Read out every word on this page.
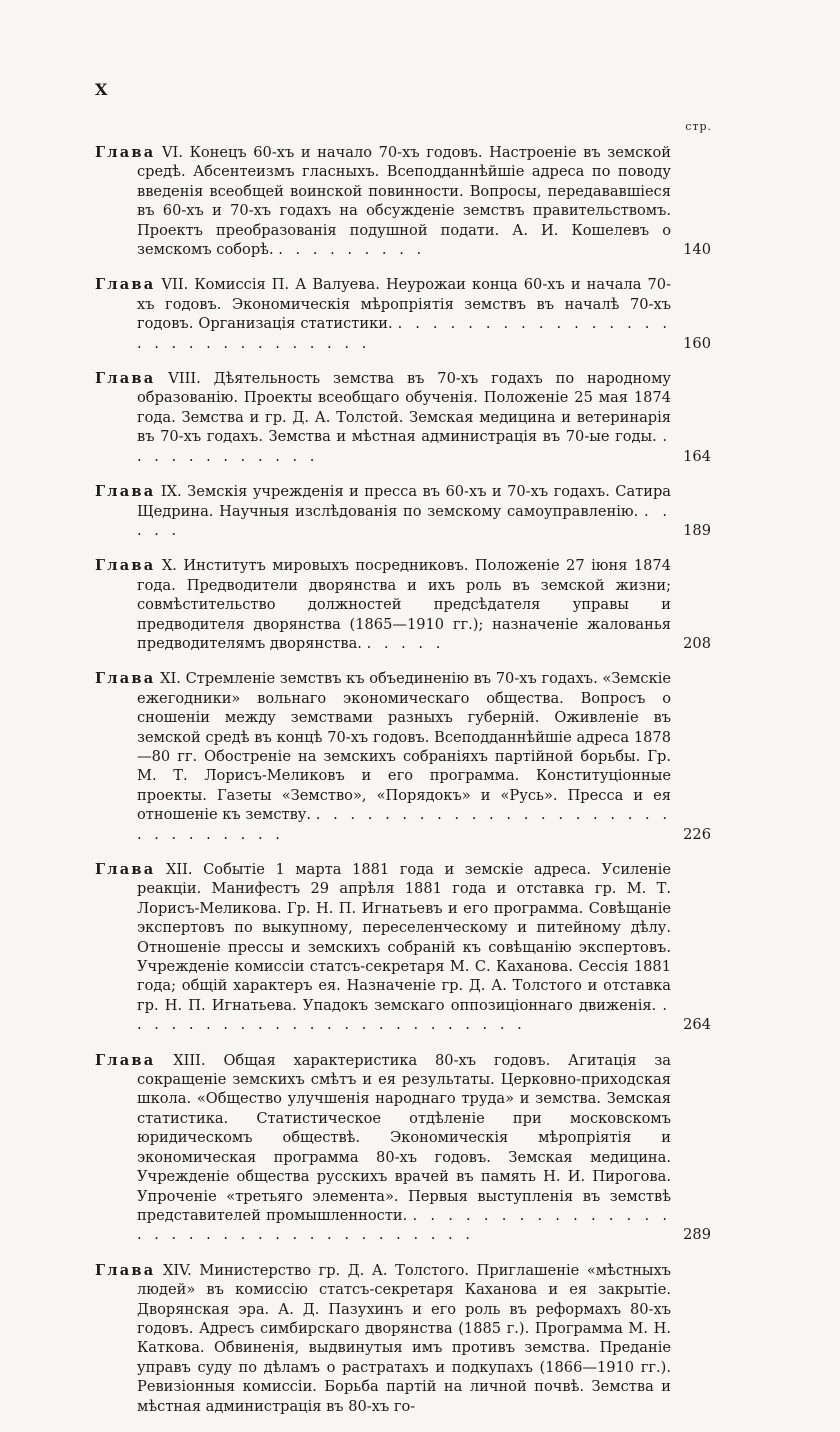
X
стр.
Глава VI. Конецъ 60-хъ и начало 70-хъ годовъ. Настроеніе въ земской средѣ. Абсентеизмъ гласныхъ. Всеподданнѣйшіе адреса по поводу введенія всеобщей воинской повинности. Вопросы, передававшіеся въ 60-хъ и 70-хъ годахъ на обсужденіе земствъ правительствомъ. Проектъ преобразованія подушной подати. А. И. Кошелевъ о земскомъ соборѣ. . . . . . . . . .	140
Глава VII. Комиссія П. А Валуева. Неурожаи конца 60-хъ и начала 70-хъ годовъ. Экономическія мѣропріятія земствъ въ началѣ 70-хъ годовъ. Организація статистики. . . . . . . . . . . . . . . . . . . . . . . . . . . . . . .	160
Глава VIII. Дѣятельность земства въ 70-хъ годахъ по народному образованію. Проекты всеобщаго обученія. Положеніе 25 мая 1874 года. Земства и гр. Д. А. Толстой. Земская медицина и ветеринарія въ 70-хъ годахъ. Земства и мѣстная администрація въ 70-ые годы. . . . . . . . . . . . .	164
Глава IX. Земскія учрежденія и пресса въ 60-хъ и 70-хъ годахъ. Сатира Щедрина. Научныя изслѣдованія по земскому самоуправленію. . . . . .	189
Глава X. Институтъ мировыхъ посредниковъ. Положеніе 27 іюня 1874 года. Предводители дворянства и ихъ роль въ земской жизни; совмѣстительство должностей предсѣдателя управы и предводителя дворянства (1865—1910 гг.); назначеніе жалованья предводителямъ дворянства. . . . . .	208
Глава XI. Стремленіе земствъ къ объединенію въ 70-хъ годахъ. «Земскіе ежегодники» вольнаго экономическаго общества. Вопросъ о сношеніи между земствами разныхъ губерній. Оживленіе въ земской средѣ въ концѣ 70-хъ годовъ. Всеподданнѣйшіе адреса 1878—80 гг. Обостреніе на земскихъ собраніяхъ партійной борьбы. Гр. М. Т. Лорисъ-Меликовъ и его программа. Конституціонные проекты. Газеты «Земство», «Порядокъ» и «Русь». Пресса и ея отношеніе къ земству. . . . . . . . . . . . . . . . . . . . . . . . . . . . . . .	226
Глава XII. Событіе 1 марта 1881 года и земскіе адреса. Усиленіе реакціи. Манифестъ 29 апрѣля 1881 года и отставка гр. М. Т. Лорисъ-Меликова. Гр. Н. П. Игнатьевъ и его программа. Совѣщаніе экспертовъ по выкупному, переселенческому и питейному дѣлу. Отношеніе прессы и земскихъ собраній къ совѣщанію экспертовъ. Учрежденіе комиссіи статсъ-секретаря М. С. Каханова. Сессія 1881 года; общій характеръ ея. Назначеніе гр. Д. А. Толстого и отставка гр. Н. П. Игнатьева. Упадокъ земскаго оппозиціоннаго движенія. . . . . . . . . . . . . . . . . . . . . . . . .	264
Глава XIII. Общая характеристика 80-хъ годовъ. Агитація за сокращеніе земскихъ смѣтъ и ея результаты. Церковно-приходская школа. «Общество улучшенія народнаго труда» и земства. Земская статистика. Статистическое отдѣленіе при московскомъ юридическомъ обществѣ. Экономическія мѣропріятія и экономическая программа 80-хъ годовъ. Земская медицина. Учрежденіе общества русскихъ врачей въ память Н. И. Пирогова. Упроченіе «третьяго элемента». Первыя выступленія въ земствѣ представителей промышленности. . . . . . . . . . . . . . . . . . . . . . . . . . . . . . . . . . . .	289
Глава XIV. Министерство гр. Д. А. Толстого. Приглашеніе «мѣстныхъ людей» въ комиссію статсъ-секретаря Каханова и ея закрытіе. Дворянская эра. А. Д. Пазухинъ и его роль въ реформахъ 80-хъ годовъ. Адресъ симбирскаго дворянства (1885 г.). Программа М. Н. Каткова. Обвиненія, выдвинутыя имъ противъ земства. Преданіе управъ суду по дѣламъ о растратахъ и подкупахъ (1866—1910 гг.). Ревизіонныя комиссіи. Борьба партій на личной почвѣ. Земства и мѣстная администрація въ 80-хъ го-
